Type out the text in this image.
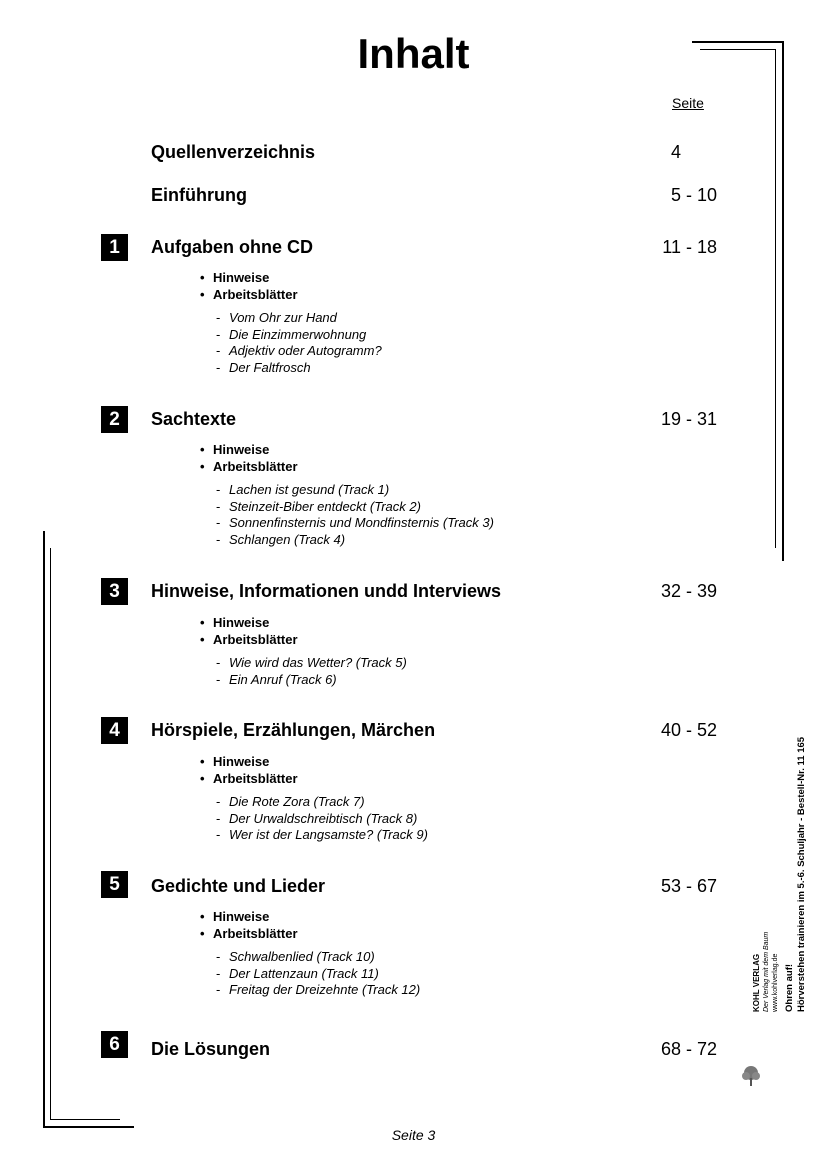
Inhalt
Seite
Quellenverzeichnis	4
Einführung	5 - 10
1	Aufgaben ohne CD	11 - 18
• Hinweise
• Arbeitsblätter
- Vom Ohr zur Hand
- Die Einzimmerwohnung
- Adjektiv oder Autogramm?
- Der Faltfrosch
2	Sachtexte	19 - 31
• Hinweise
• Arbeitsblätter
- Lachen ist gesund (Track 1)
- Steinzeit-Biber entdeckt (Track 2)
- Sonnenfinsternis und Mondfinsternis (Track 3)
- Schlangen (Track 4)
3	Hinweise, Informationen undd Interviews	32 - 39
• Hinweise
• Arbeitsblätter
- Wie wird das Wetter? (Track 5)
- Ein Anruf (Track 6)
4	Hörspiele, Erzählungen, Märchen	40 - 52
• Hinweise
• Arbeitsblätter
- Die Rote Zora (Track 7)
- Der Urwaldschreibtisch (Track 8)
- Wer ist der Langsamste? (Track 9)
5	Gedichte und Lieder	53 - 67
• Hinweise
• Arbeitsblätter
- Schwalbenlied (Track 10)
- Der Lattenzaun (Track 11)
- Freitag der Dreizehnte (Track 12)
6	Die Lösungen	68 - 72
Ohren auf! Hörverstehen trainieren im 5.-6. Schuljahr - Bestell-Nr. 11 165
KOHL VERLAG Der Verlag mit dem Baum www.kohlverlag.de
Seite 3
